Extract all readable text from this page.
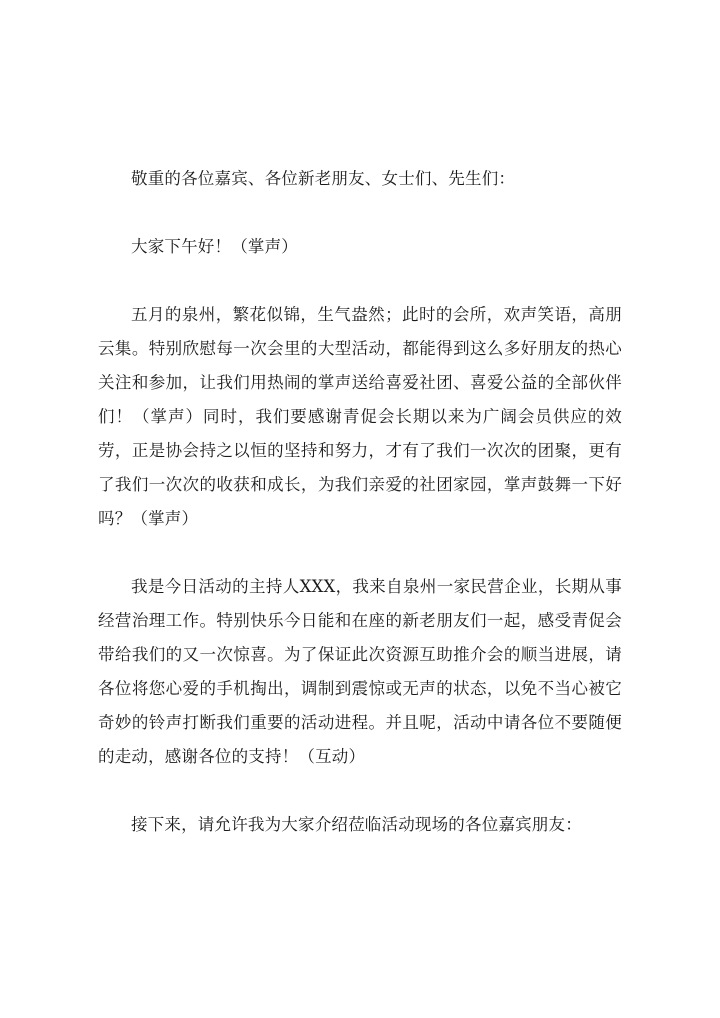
敬重的各位嘉宾、各位新老朋友、女士们、先生们：

大家下午好！（掌声）

五月的泉州，繁花似锦，生气盎然；此时的会所，欢声笑语，高朋云集。特别欣慰每一次会里的大型活动，都能得到这么多好朋友的热心关注和参加，让我们用热闹的掌声送给喜爱社团、喜爱公益的全部伙伴们！（掌声）同时，我们要感谢青促会长期以来为广阔会员供应的效劳，正是协会持之以恒的坚持和努力，才有了我们一次次的团聚，更有了我们一次次的收获和成长，为我们亲爱的社团家园，掌声鼓舞一下好吗？（掌声）

我是今日活动的主持人XXX，我来自泉州一家民营企业，长期从事经营治理工作。特别快乐今日能和在座的新老朋友们一起，感受青促会带给我们的又一次惊喜。为了保证此次资源互助推介会的顺当进展，请各位将您心爱的手机掏出，调制到震惊或无声的状态，以免不当心被它奇妙的铃声打断我们重要的活动进程。并且呢，活动中请各位不要随便的走动，感谢各位的支持！（互动）

接下来，请允许我为大家介绍莅临活动现场的各位嘉宾朋友：
